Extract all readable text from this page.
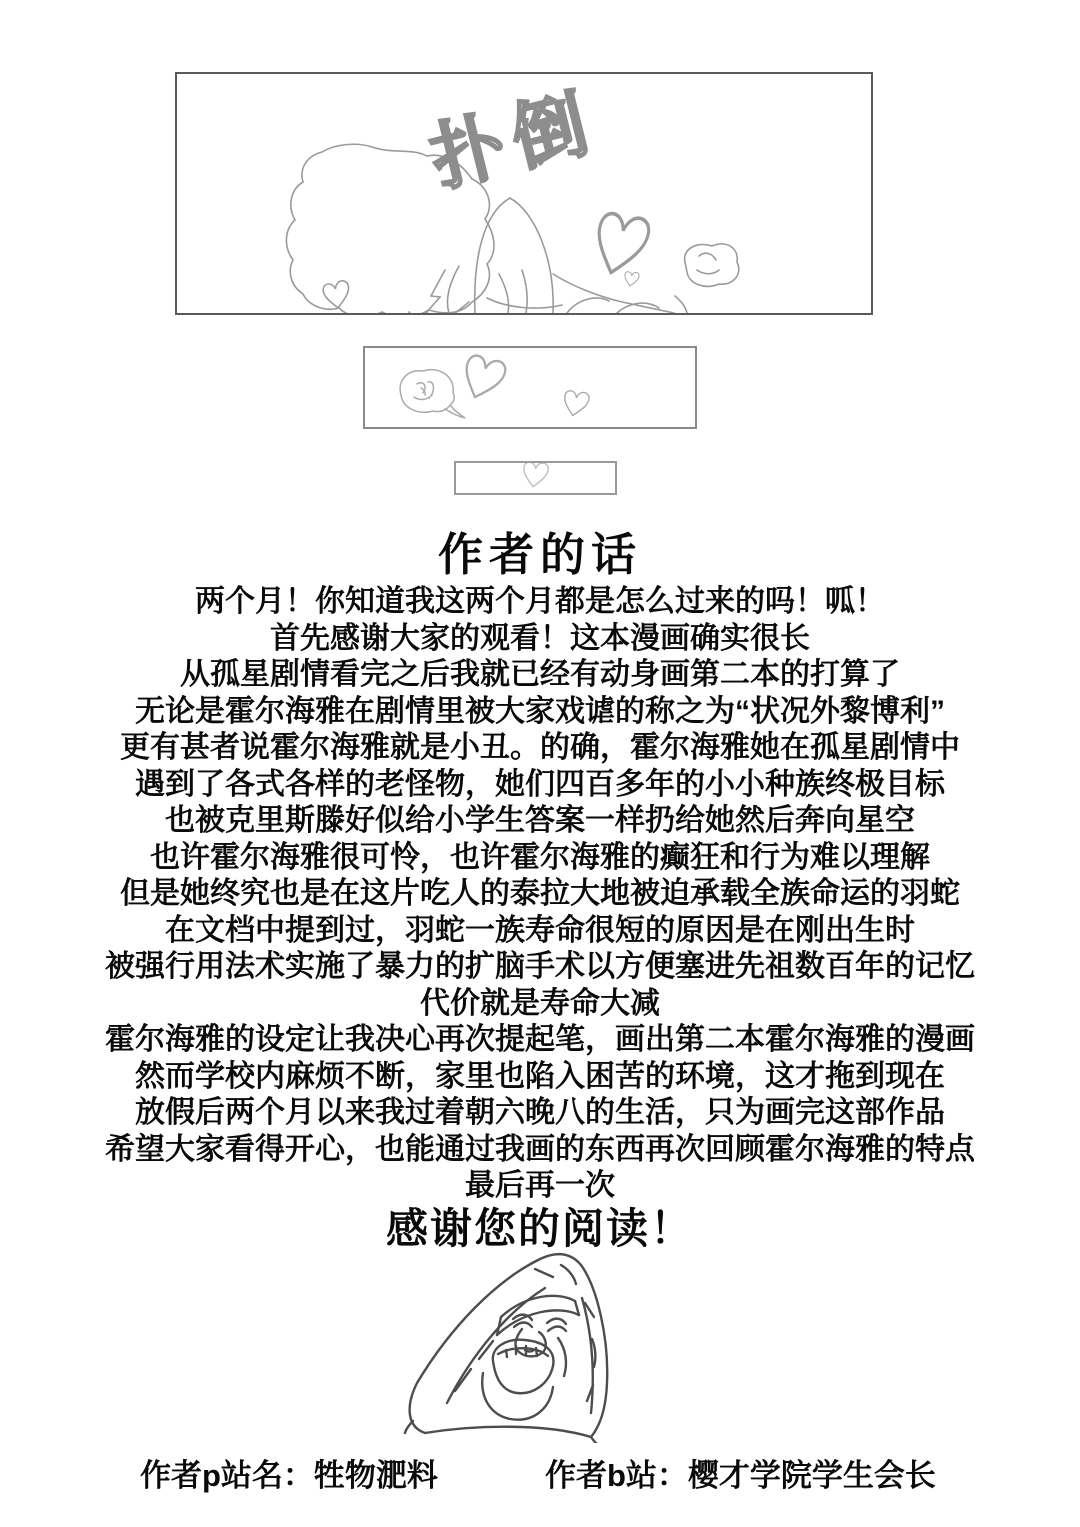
扑倒
作者的话
两个月！你知道我这两个月都是怎么过来的吗！呱！
首先感谢大家的观看！这本漫画确实很长
从孤星剧情看完之后我就已经有动身画第二本的打算了
无论是霍尔海雅在剧情里被大家戏谑的称之为“状况外黎博利”
更有甚者说霍尔海雅就是小丑。的确，霍尔海雅她在孤星剧情中
遇到了各式各样的老怪物，她们四百多年的小小种族终极目标
也被克里斯滕好似给小学生答案一样扔给她然后奔向星空
也许霍尔海雅很可怜，也许霍尔海雅的癫狂和行为难以理解
但是她终究也是在这片吃人的泰拉大地被迫承载全族命运的羽蛇
在文档中提到过，羽蛇一族寿命很短的原因是在刚出生时
被强行用法术实施了暴力的扩脑手术以方便塞进先祖数百年的记忆
代价就是寿命大减
霍尔海雅的设定让我决心再次提起笔，画出第二本霍尔海雅的漫画
然而学校内麻烦不断，家里也陷入困苦的环境，这才拖到现在
放假后两个月以来我过着朝六晚八的生活，只为画完这部作品
希望大家看得开心，也能通过我画的东西再次回顾霍尔海雅的特点
最后再一次
感谢您的阅读！
作者p站名：牲物淝料	作者b站：樱才学院学生会长
